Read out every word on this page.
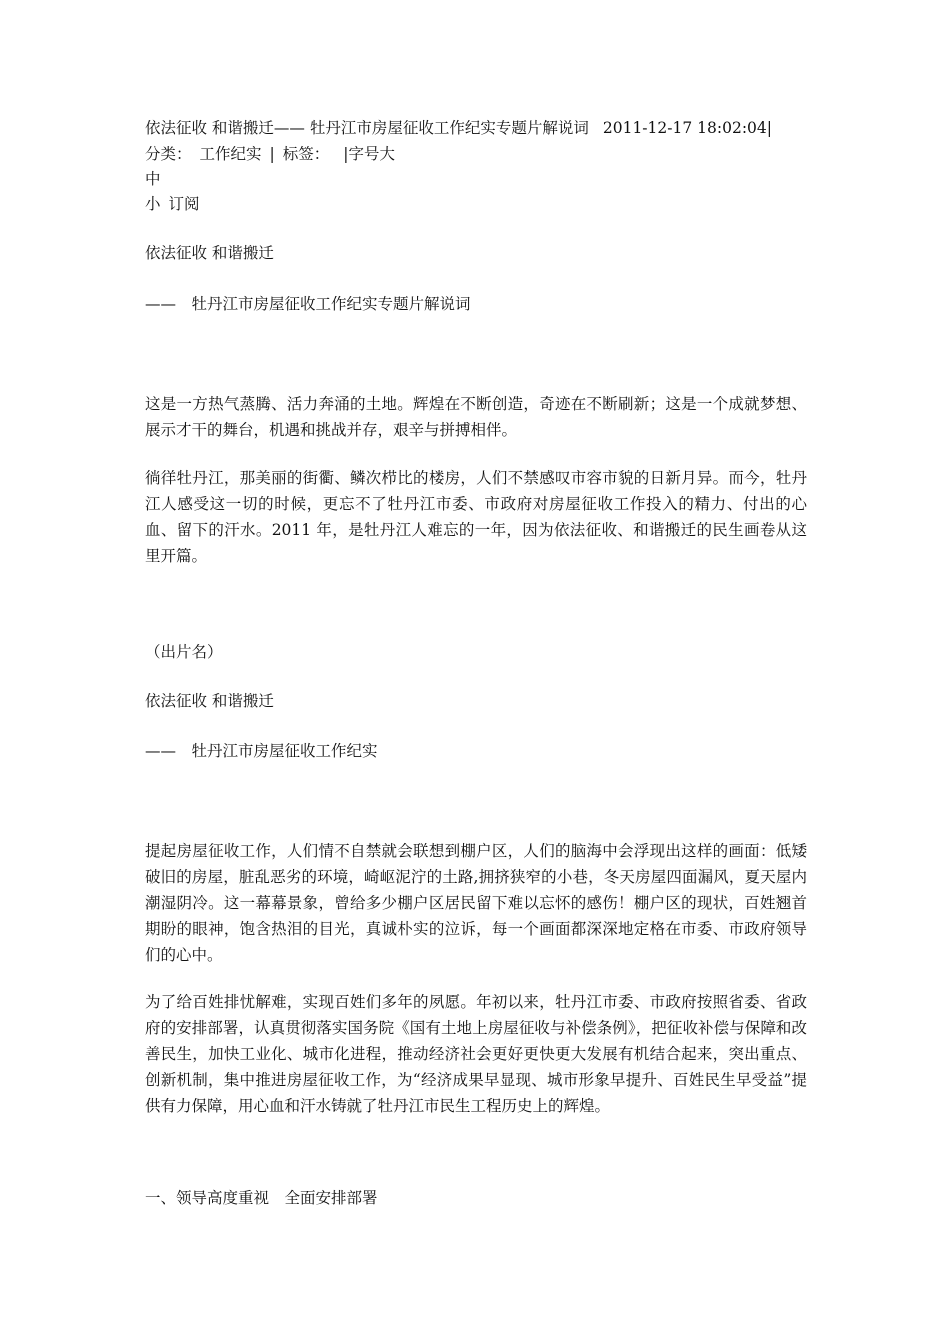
依法征收 和谐搬迁—— 牡丹江市房屋征收工作纪实专题片解说词 2011-12-17 18:02:04|
分类： 工作纪实 | 标签： |字号大
中
小 订阅
依法征收 和谐搬迁
——　牡丹江市房屋征收工作纪实专题片解说词
这是一方热气蒸腾、活力奔涌的土地。辉煌在不断创造，奇迹在不断刷新；这是一个成就梦想、展示才干的舞台，机遇和挑战并存，艰辛与拼搏相伴。
徜徉牡丹江，那美丽的街衢、鳞次栉比的楼房，人们不禁感叹市容市貌的日新月异。而今，牡丹江人感受这一切的时候，更忘不了牡丹江市委、市政府对房屋征收工作投入的精力、付出的心血、留下的汗水。2011 年，是牡丹江人难忘的一年，因为依法征收、和谐搬迁的民生画卷从这里开篇。
（出片名）
依法征收 和谐搬迁
——　牡丹江市房屋征收工作纪实
提起房屋征收工作，人们情不自禁就会联想到棚户区，人们的脑海中会浮现出这样的画面：低矮破旧的房屋，脏乱恶劣的环境，崎岖泥泞的土路,拥挤狭窄的小巷，冬天房屋四面漏风，夏天屋内潮湿阴冷。这一幕幕景象，曾给多少棚户区居民留下难以忘怀的感伤！棚户区的现状，百姓翘首期盼的眼神，饱含热泪的目光，真诚朴实的泣诉，每一个画面都深深地定格在市委、市政府领导们的心中。
为了给百姓排忧解难，实现百姓们多年的夙愿。年初以来，牡丹江市委、市政府按照省委、省政府的安排部署，认真贯彻落实国务院《国有土地上房屋征收与补偿条例》，把征收补偿与保障和改善民生，加快工业化、城市化进程，推动经济社会更好更快更大发展有机结合起来，突出重点、创新机制，集中推进房屋征收工作，为“经济成果早显现、城市形象早提升、百姓民生早受益”提供有力保障，用心血和汗水铸就了牡丹江市民生工程历史上的辉煌。
一、领导高度重视　全面安排部署
